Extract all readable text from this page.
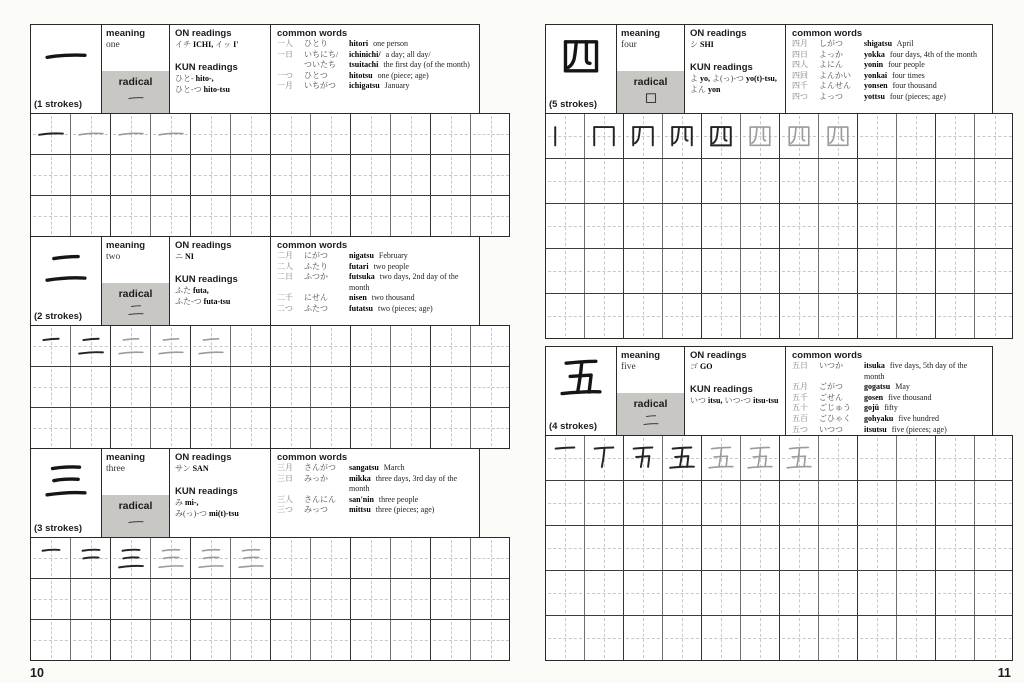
(1 strokes)
meaning
one
radical
ON readings
イチ ICHI, イッ I'
KUN readings
ひと- hito-,
ひと-つ hito-tsu
common words
一人	ひとり	hitori one person
一日	いちにち/	ichinichi/ a day; all day/
ついたち	tsuitachi the first day (of the month)
一つ	ひとつ	hitotsu one (piece; age)
一月	いちがつ	ichigatsu January
(2 strokes)
meaning
two
radical
ON readings
ニ NI
KUN readings
ふた futa,
ふた-つ futa-tsu
common words
二月	にがつ	nigatsu February
二人	ふたり	futari two people
二日	ふつか	futsuka two days, 2nd day of the month
二千	にせん	nisen two thousand
二つ	ふたつ	futatsu two (pieces; age)
(3 strokes)
meaning
three
radical
ON readings
サン SAN
KUN readings
み mi-,
み(っ)-つ mi(t)-tsu
common words
三月	さんがつ	sangatsu March
三日	みっか	mikka three days, 3rd day of the month
三人	さんにん	san'nin three people
三つ	みっつ	mittsu three (pieces; age)
10
(5 strokes)
meaning
four
radical
ON readings
シ SHI
KUN readings
よ yo, よ(っ)-つ yo(t)-tsu,
よん yon
common words
四月	しがつ	shigatsu April
四日	よっか	yokka four days, 4th of the month
四人	よにん	yonin four people
四回	よんかい	yonkai four times
四千	よんせん	yonsen four thousand
四つ	よっつ	yottsu four (pieces; age)
(4 strokes)
meaning
five
radical
ON readings
ゴ GO
KUN readings
いつ itsu, いつ-つ itsu-tsu
common words
五日	いつか	itsuka five days, 5th day of the month
五月	ごがつ	gogatsu May
五千	ごせん	gosen five thousand
五十	ごじゅう	gojū fifty
五百	ごひゃく	gohyaku five hundred
五つ	いつつ	itsutsu five (pieces; age)
11
